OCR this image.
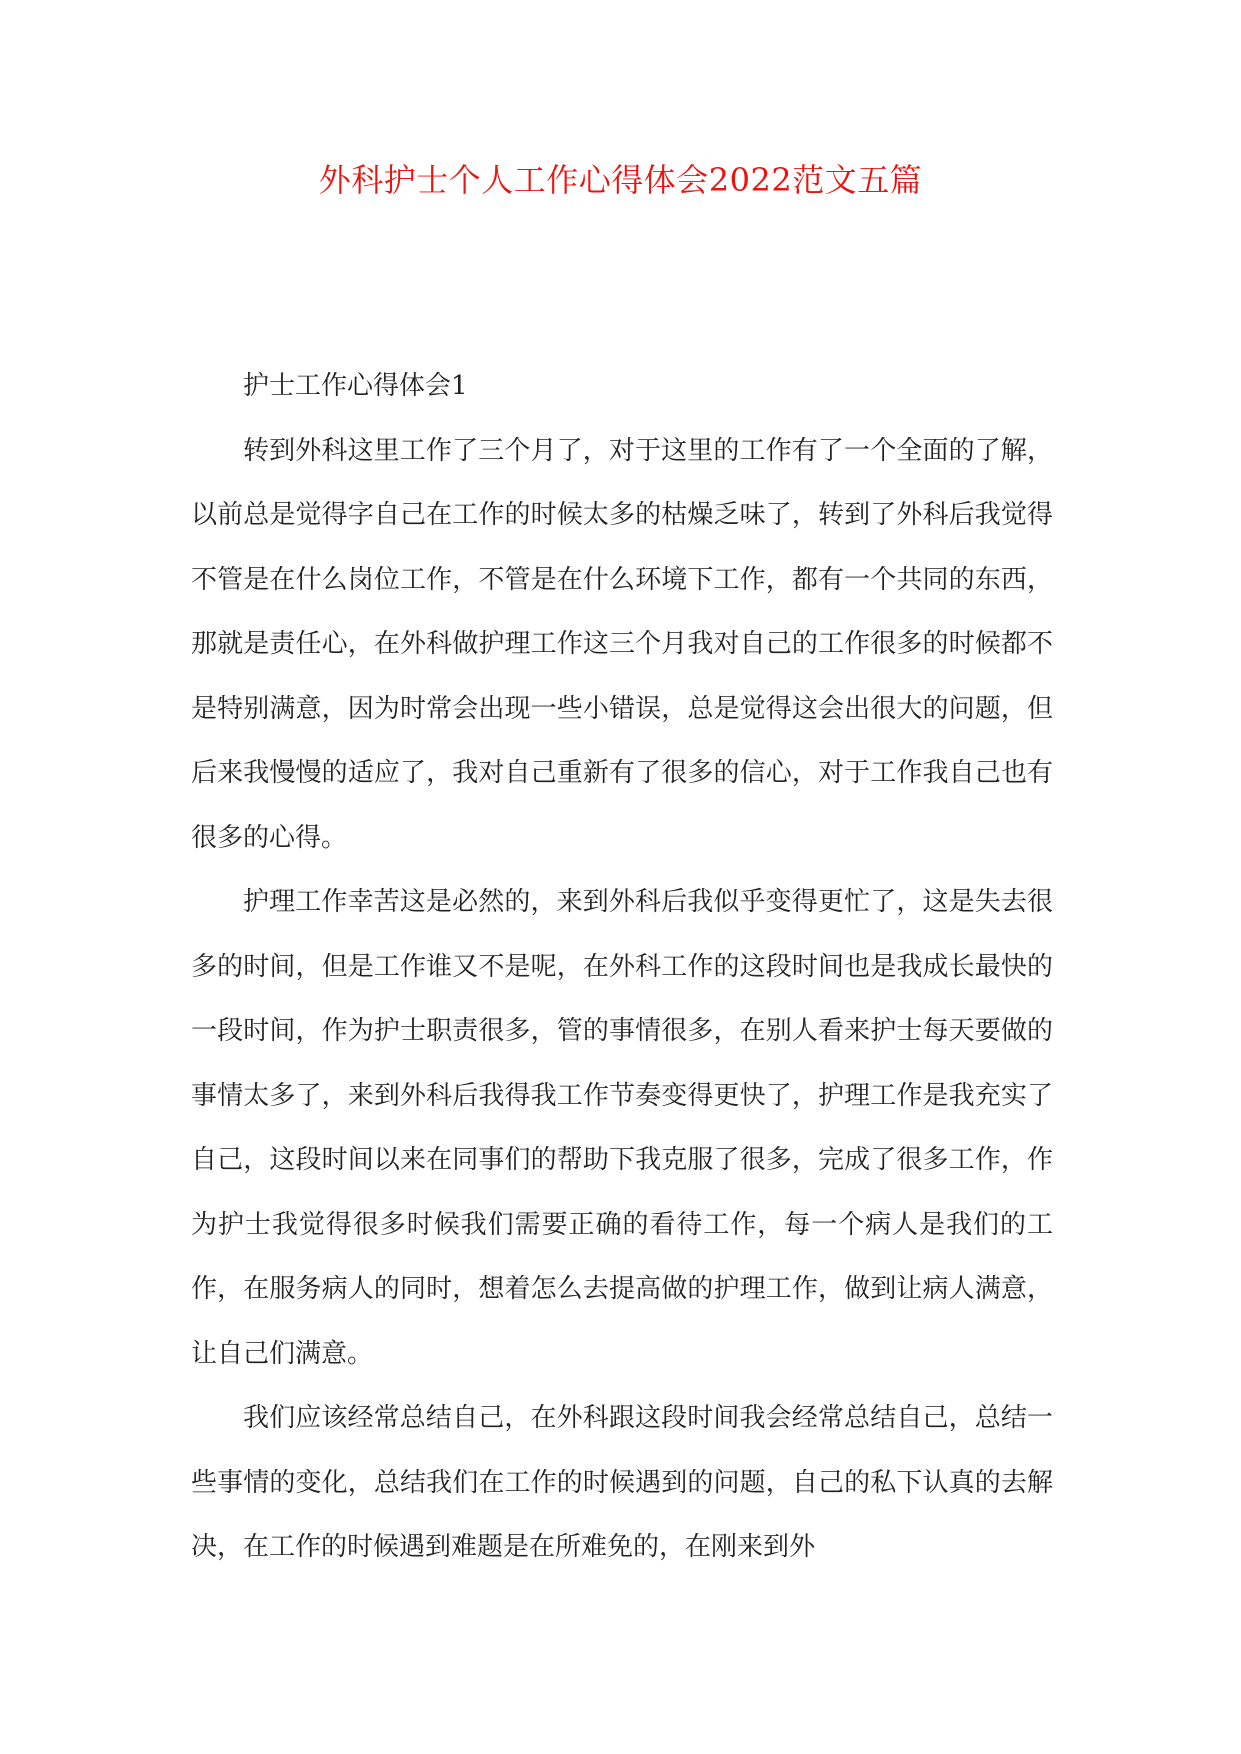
外科护士个人工作心得体会2022范文五篇

护士工作心得体会1

转到外科这里工作了三个月了，对于这里的工作有了一个全面的了解，以前总是觉得字自己在工作的时候太多的枯燥乏味了，转到了外科后我觉得不管是在什么岗位工作，不管是在什么环境下工作，都有一个共同的东西，那就是责任心，在外科做护理工作这三个月我对自己的工作很多的时候都不是特别满意，因为时常会出现一些小错误，总是觉得这会出很大的问题，但后来我慢慢的适应了，我对自己重新有了很多的信心，对于工作我自己也有很多的心得。

护理工作幸苦这是必然的，来到外科后我似乎变得更忙了，这是失去很多的时间，但是工作谁又不是呢，在外科工作的这段时间也是我成长最快的一段时间，作为护士职责很多，管的事情很多，在别人看来护士每天要做的事情太多了，来到外科后我得我工作节奏变得更快了，护理工作是我充实了自己，这段时间以来在同事们的帮助下我克服了很多，完成了很多工作，作为护士我觉得很多时候我们需要正确的看待工作，每一个病人是我们的工作，在服务病人的同时，想着怎么去提高做的护理工作，做到让病人满意，让自己们满意。

我们应该经常总结自己，在外科跟这段时间我会经常总结自己，总结一些事情的变化，总结我们在工作的时候遇到的问题，自己的私下认真的去解决，在工作的时候遇到难题是在所难免的，在刚来到外
